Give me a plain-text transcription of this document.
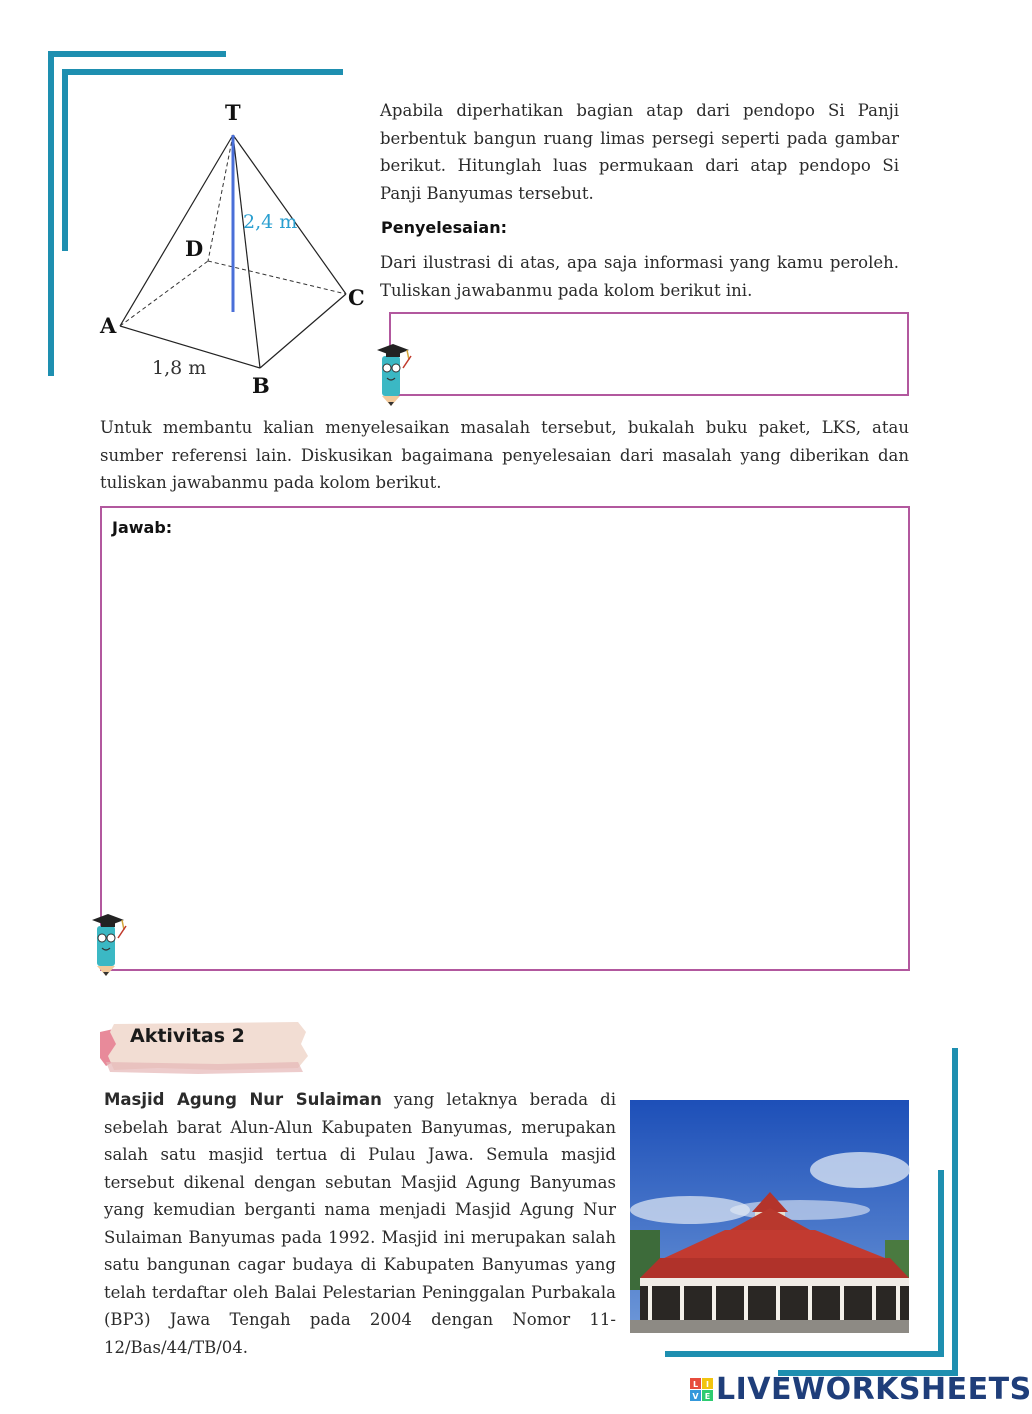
T
D
C
A
B
2,4 m
1,8 m
Apabila diperhatikan bagian atap dari pendopo Si Panji berbentuk bangun ruang limas persegi seperti pada gambar berikut. Hitunglah luas permukaan dari atap pendopo Si Panji Banyumas tersebut.
Penyelesaian:
Dari ilustrasi di atas, apa saja informasi yang kamu peroleh. Tuliskan jawabanmu pada kolom berikut ini.
Untuk membantu kalian menyelesaikan masalah tersebut, bukalah buku paket, LKS, atau sumber referensi lain. Diskusikan bagaimana penyelesaian dari masalah yang diberikan dan tuliskan jawabanmu pada kolom berikut.
Jawab:
Aktivitas 2
Masjid Agung Nur Sulaiman yang letaknya berada di sebelah barat Alun-Alun Kabupaten Banyumas, merupakan salah satu masjid tertua di Pulau Jawa. Semula masjid tersebut dikenal dengan sebutan Masjid Agung Banyumas yang kemudian berganti nama menjadi Masjid Agung Nur Sulaiman Banyumas pada 1992. Masjid ini merupakan salah satu bangunan cagar budaya di Kabupaten Banyumas yang telah terdaftar oleh Balai Pelestarian Peninggalan Purbakala (BP3) Jawa Tengah pada 2004 dengan Nomor 11-12/Bas/44/TB/04.
L I
V E LIVEWORKSHEETS
